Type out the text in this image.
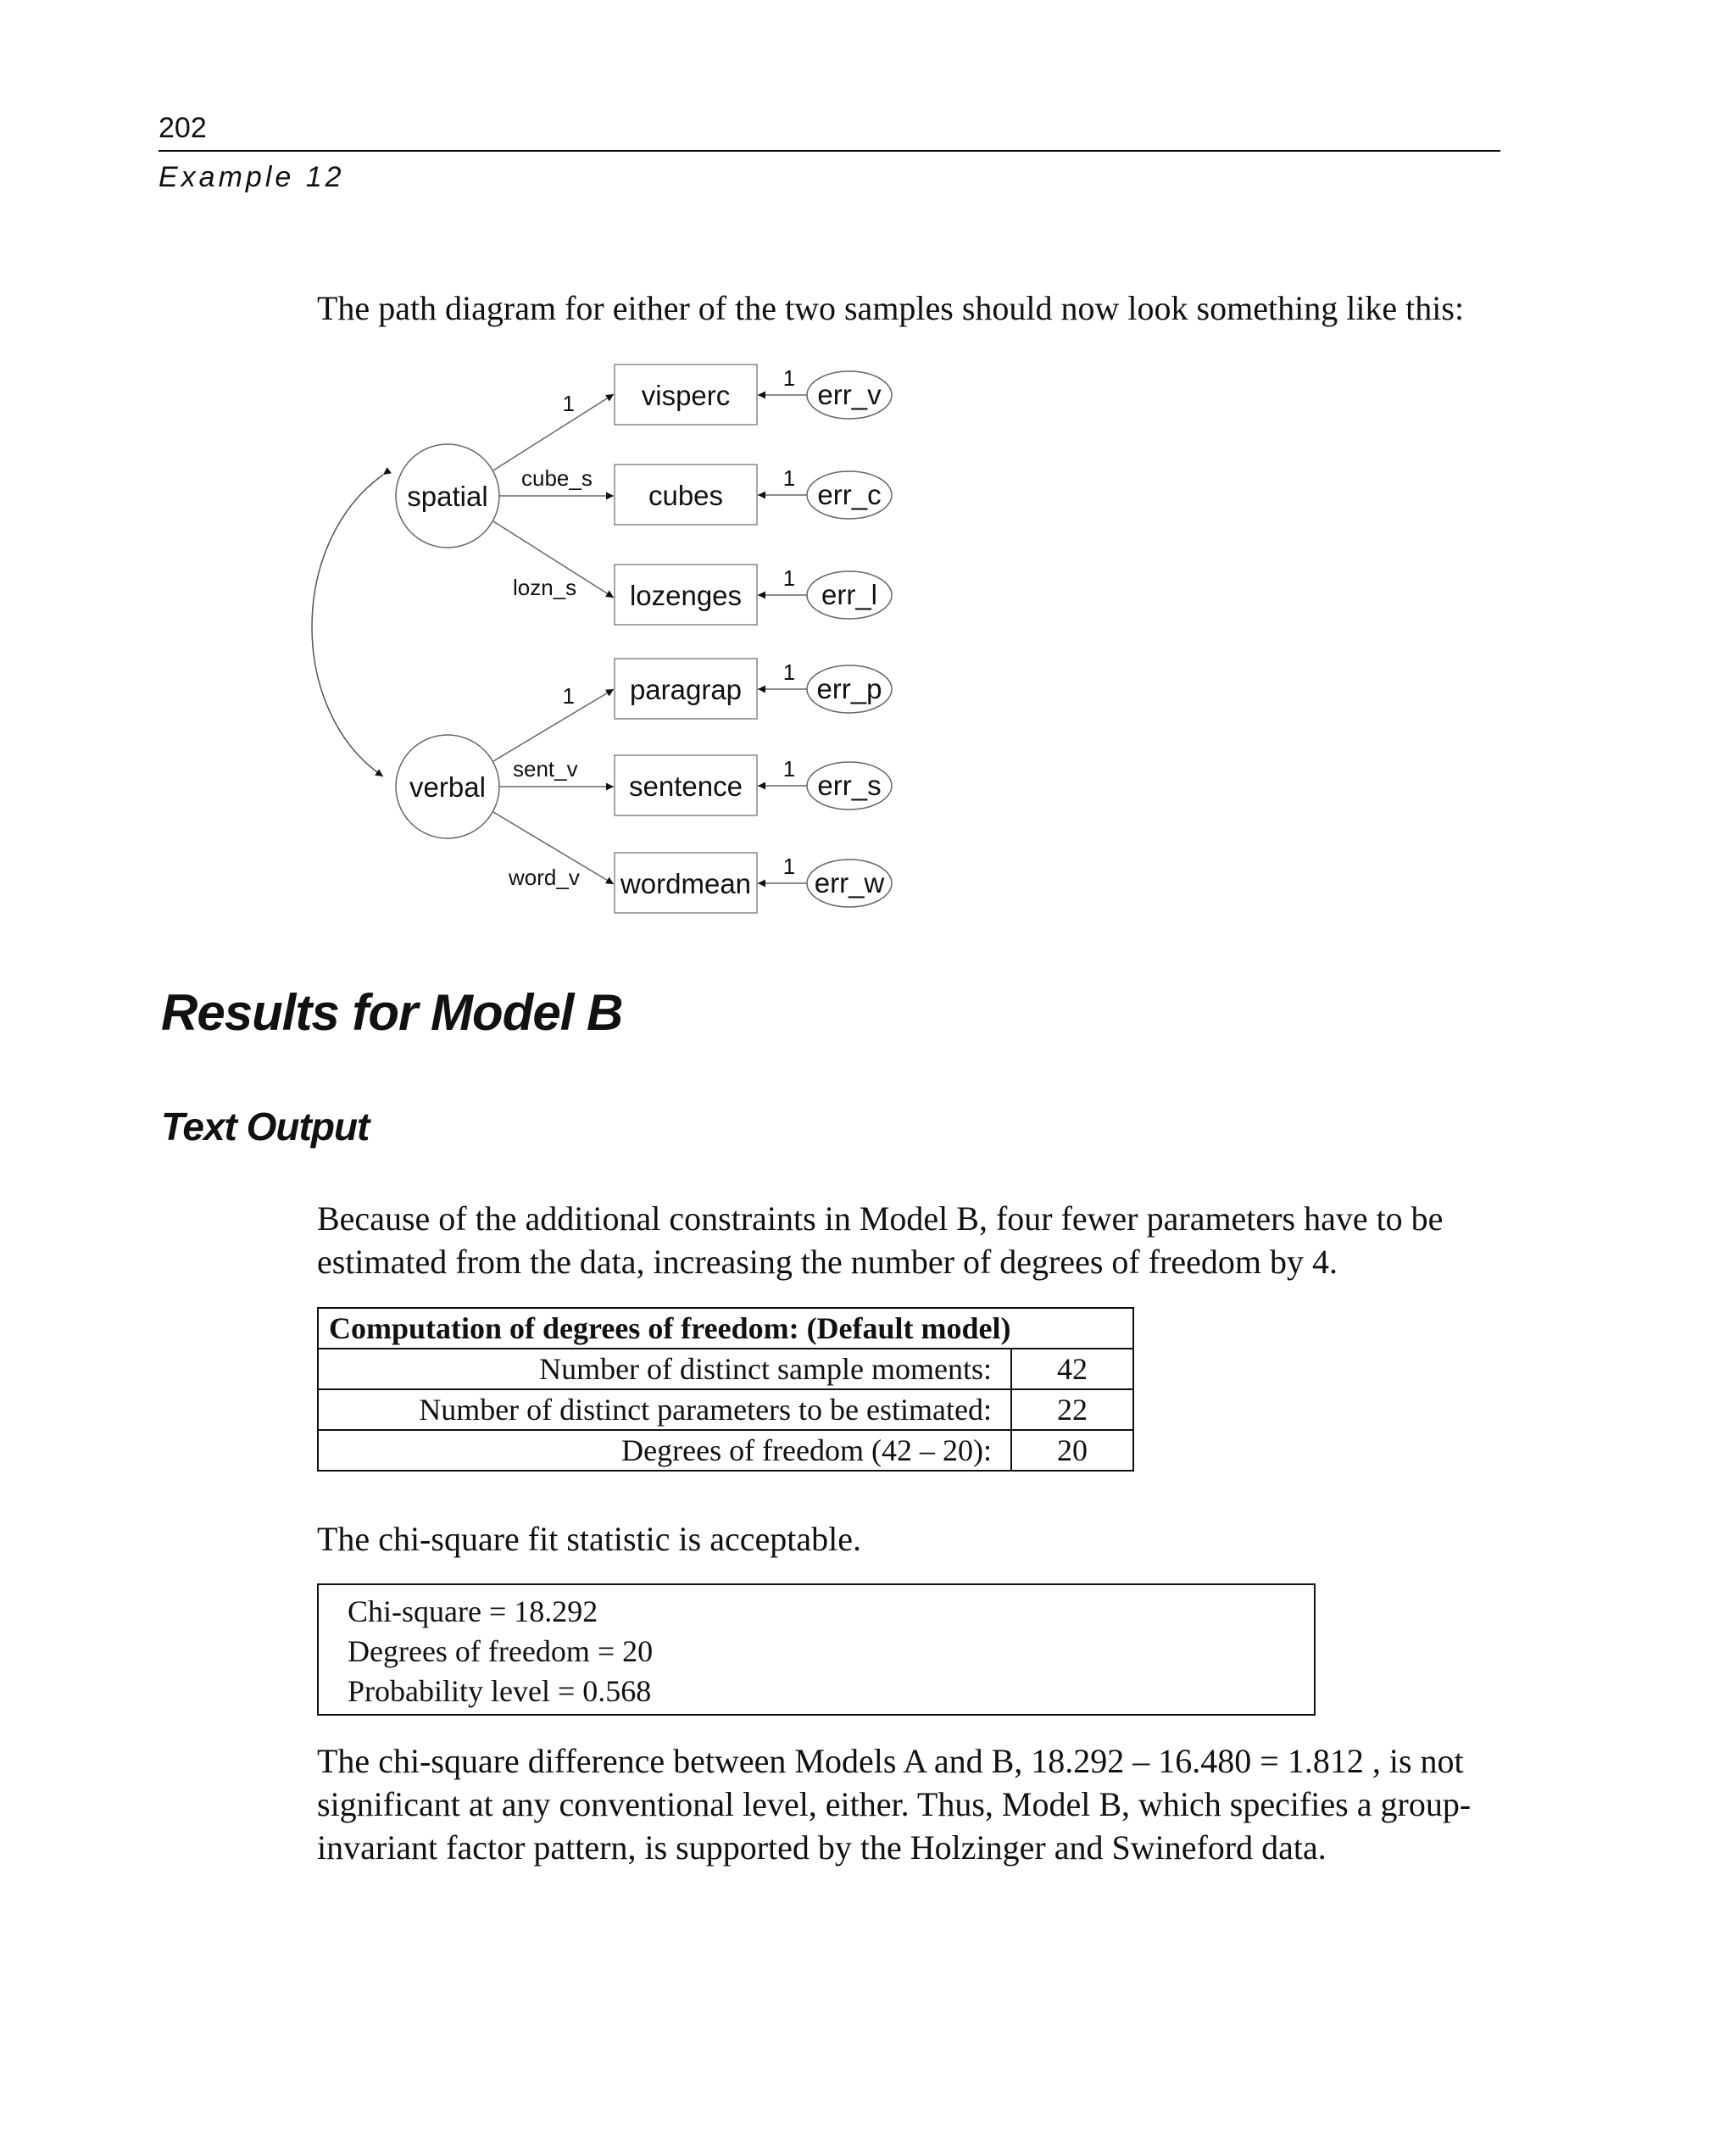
202
Example 12
The path diagram for either of the two samples should now look something like this:
spatial
verbal
1
cube_s
lozn_s
1
sent_v
word_v
visperc
cubes
lozenges
paragrap
sentence
wordmean
1
1
1
1
1
1
err_v
err_c
err_l
err_p
err_s
err_w
Results for Model B
Text Output
Because of the additional constraints in Model B, four fewer parameters have to be estimated from the data, increasing the number of degrees of freedom by 4.
Computation of degrees of freedom: (Default model)	
Number of distinct sample moments:	42
Number of distinct parameters to be estimated:	22
Degrees of freedom (42 – 20):	20
The chi-square fit statistic is acceptable.
Chi-square = 18.292
Degrees of freedom = 20
Probability level = 0.568
The chi-square difference between Models A and B, 18.292 – 16.480 = 1.812 , is not significant at any conventional level, either. Thus, Model B, which specifies a group-invariant factor pattern, is supported by the Holzinger and Swineford data.
